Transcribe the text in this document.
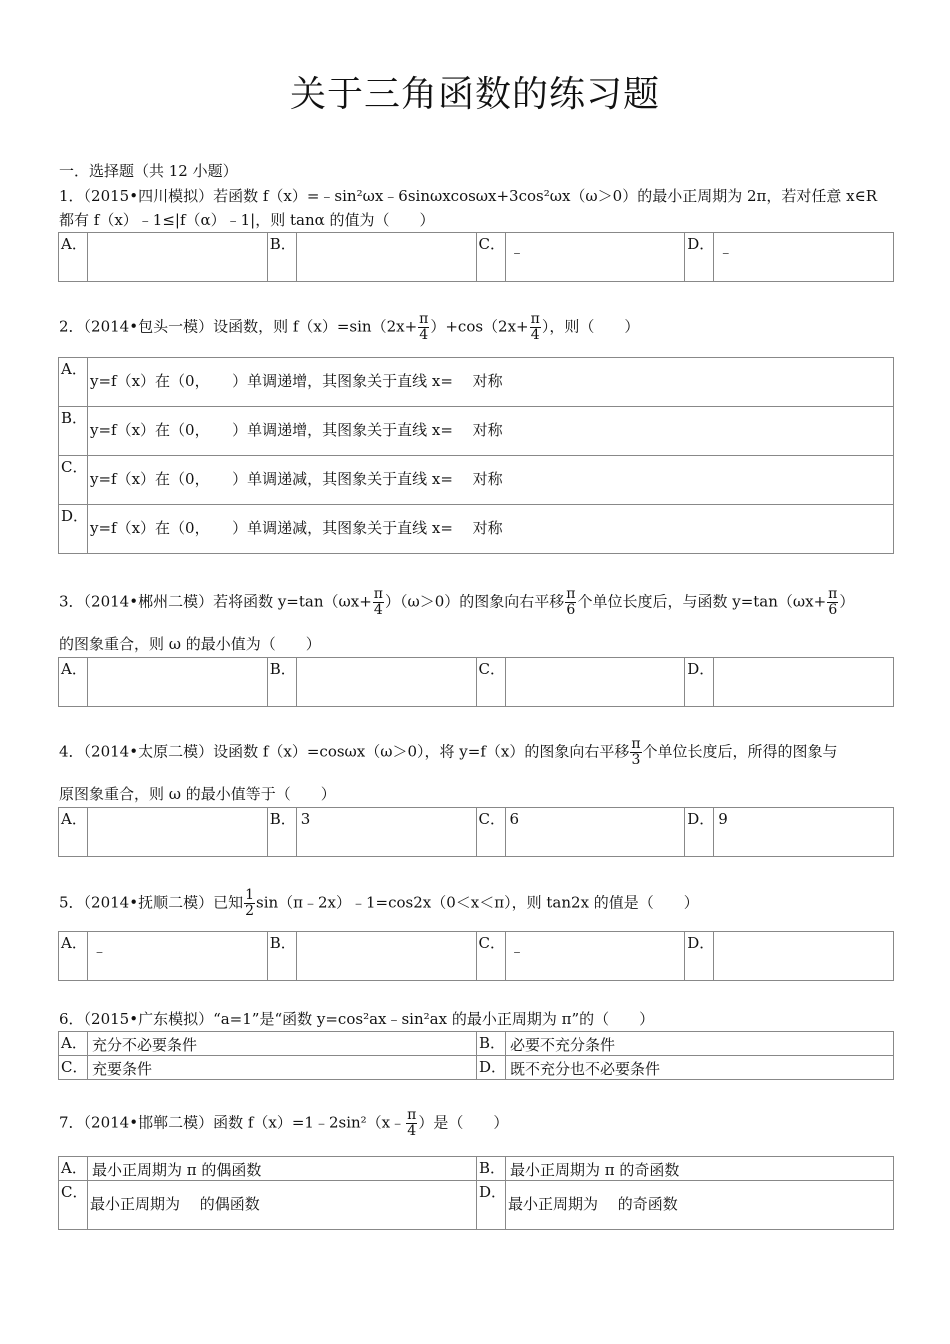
关于三角函数的练习题
一．选择题（共 12 小题）
1．（2015•四川模拟）若函数 f（x）=﹣sin²ωx﹣6sinωxcosωx+3cos²ωx（ω＞0）的最小正周期为 2π，若对任意 x∈R
都有 f（x）﹣1≤|f（α）﹣1|，则 tanα 的值为（　　）
A．		B．		C．	﹣	D．	﹣
2．（2014•包头一模）设函数，则 $f(x)=\sin(2x+ \frac{\pi}{4} )+\cos(2x+ \frac{\pi}{4}$ ），则（　　）
A．	y=f（x）在（0，　　）单调递增，其图象关于直线 x=　 对称

B．	y=f（x）在（0，　　）单调递增，其图象关于直线 x=　 对称

C．	y=f（x）在（0，　　）单调递减，其图象关于直线 x=　 对称

D．	y=f（x）在（0，　　）单调递减，其图象关于直线 x=　 对称
3．（2014•郴州二模）若将函数 $y=\tan(\omega x+ \frac{\pi}{4} )(\omega>0)$的图象向右平移 $\frac{\pi}{6}$ 个单位长度后，与函数 $y=\tan(\omega x+ \frac{\pi}{6}$ ）
的图象重合，则 ω 的最小值为（　　）
A．		B．		C．		D．	
4．（2014•太原二模）设函数 f（x）=cosωx（ω＞0），将 y=f（x）的图象向右平移 $\frac{\pi}{3}$ 个单位长度后，所得的图象与
原图象重合，则 ω 的最小值等于（　　）
A．		B．	3	C．	6	D．	9
5．（2014•抚顺二模）已知 $\frac{1}{2}$ sin（π﹣2x）﹣1=cos2x（0＜x＜π），则 tan2x 的值是（　　）
A．	﹣	B．		C．	﹣	D．	
6．（2015•广东模拟）“a=1”是“函数 y=cos²ax﹣sin²ax 的最小正周期为 π”的（　　）
A．	充分不必要条件	B．	必要不充分条件
C．	充要条件	D．	既不充分也不必要条件
7．（2014•邯郸二模）函数 f（x）=1﹣2sin²（x﹣ $\frac{\pi}{4}$ ）是（　　）
A．	最小正周期为 π 的偶函数	B．	最小正周期为 π 的奇函数
C．	最小正周期为　 的偶函数	D．	最小正周期为　 的奇函数
